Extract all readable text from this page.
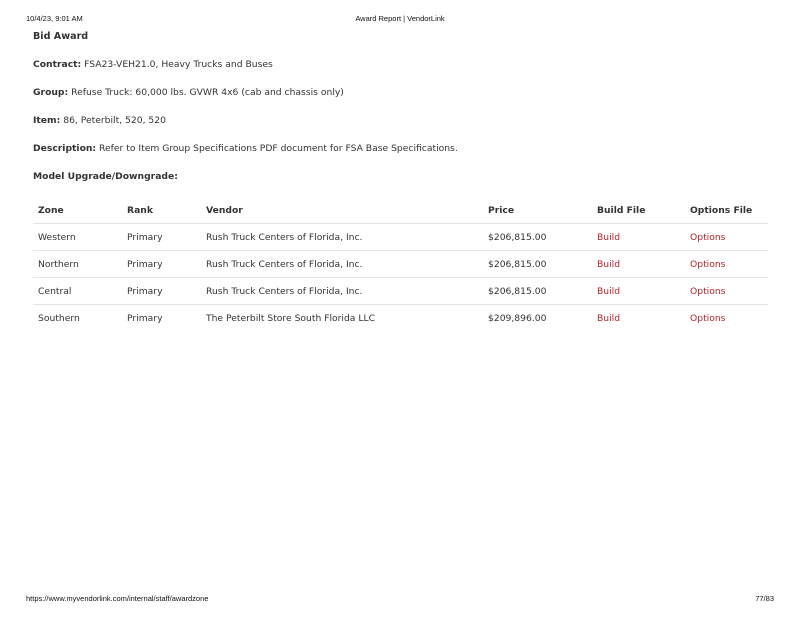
10/4/23, 9:01 AM	Award Report | VendorLink
Bid Award
Contract: FSA23-VEH21.0, Heavy Trucks and Buses
Group: Refuse Truck: 60,000 lbs. GVWR 4x6 (cab and chassis only)
Item: 86, Peterbilt, 520, 520
Description: Refer to Item Group Specifications PDF document for FSA Base Specifications.
Model Upgrade/Downgrade:
Zone	Rank	Vendor	Price	Build File	Options File
Western	Primary	Rush Truck Centers of Florida, Inc.	$206,815.00	Build	Options
Northern	Primary	Rush Truck Centers of Florida, Inc.	$206,815.00	Build	Options
Central	Primary	Rush Truck Centers of Florida, Inc.	$206,815.00	Build	Options
Southern	Primary	The Peterbilt Store South Florida LLC	$209,896.00	Build	Options
https://www.myvendorlink.com/internal/staff/awardzone	77/83
